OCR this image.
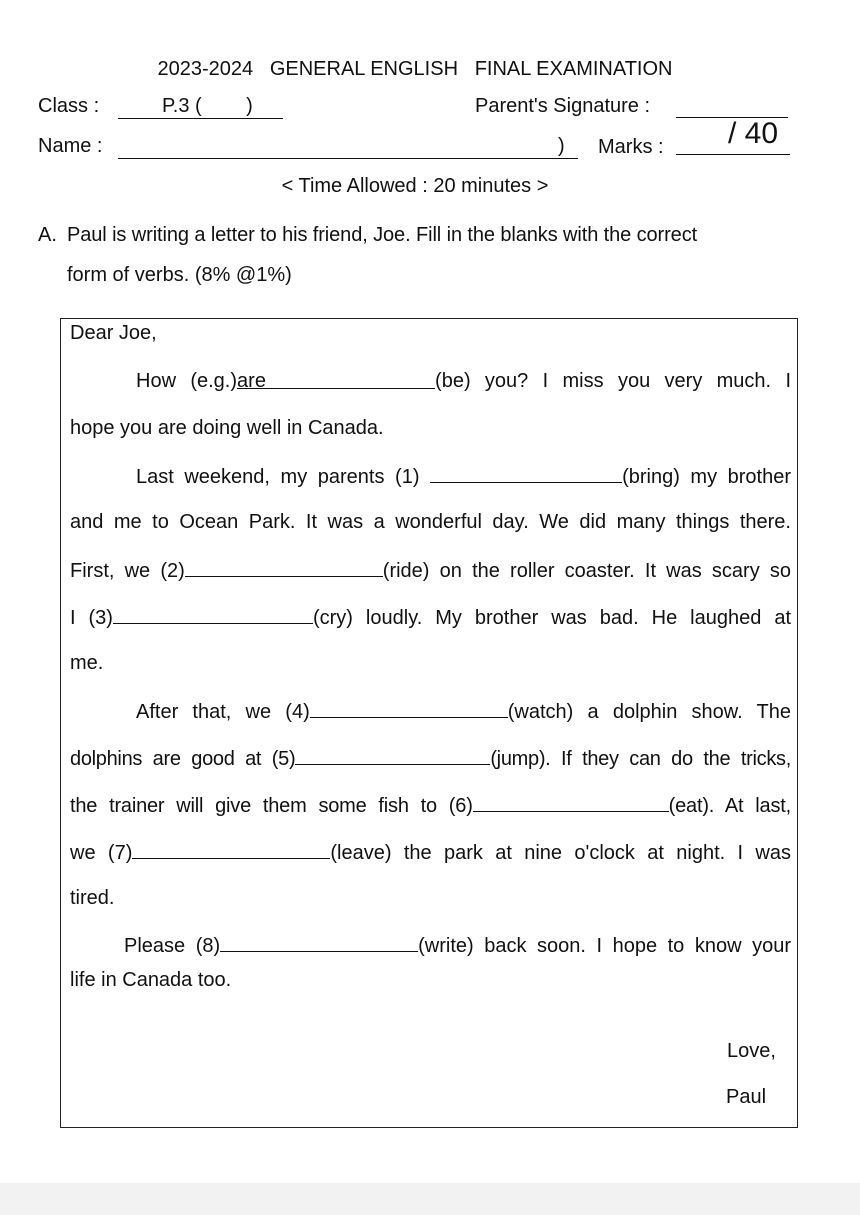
2023-2024   GENERAL ENGLISH   FINAL EXAMINATION
Class :	P.3 (        )	Parent's Signature :
Name :	) Marks : / 40
< Time Allowed : 20 minutes >
A. Paul is writing a letter to his friend, Joe. Fill in the blanks with the correct
form of verbs. (8% @1%)
Dear Joe,
How (e.g.)are	(be) you? I miss you very much. I
hope you are doing well in Canada.
Last weekend, my parents (1)	(bring) my brother
and me to Ocean Park. It was a wonderful day. We did many things there.
First, we (2)	(ride) on the roller coaster. It was scary so
I (3)	(cry) loudly. My brother was bad. He laughed at
me.
After that, we (4)	(watch) a dolphin show. The
dolphins are good at (5)	(jump). If they can do the tricks,
the trainer will give them some fish to (6)	(eat). At last,
we (7)	(leave) the park at nine o'clock at night. I was
tired.
Please (8)	(write) back soon. I hope to know your
life in Canada too.
Love,
Paul
